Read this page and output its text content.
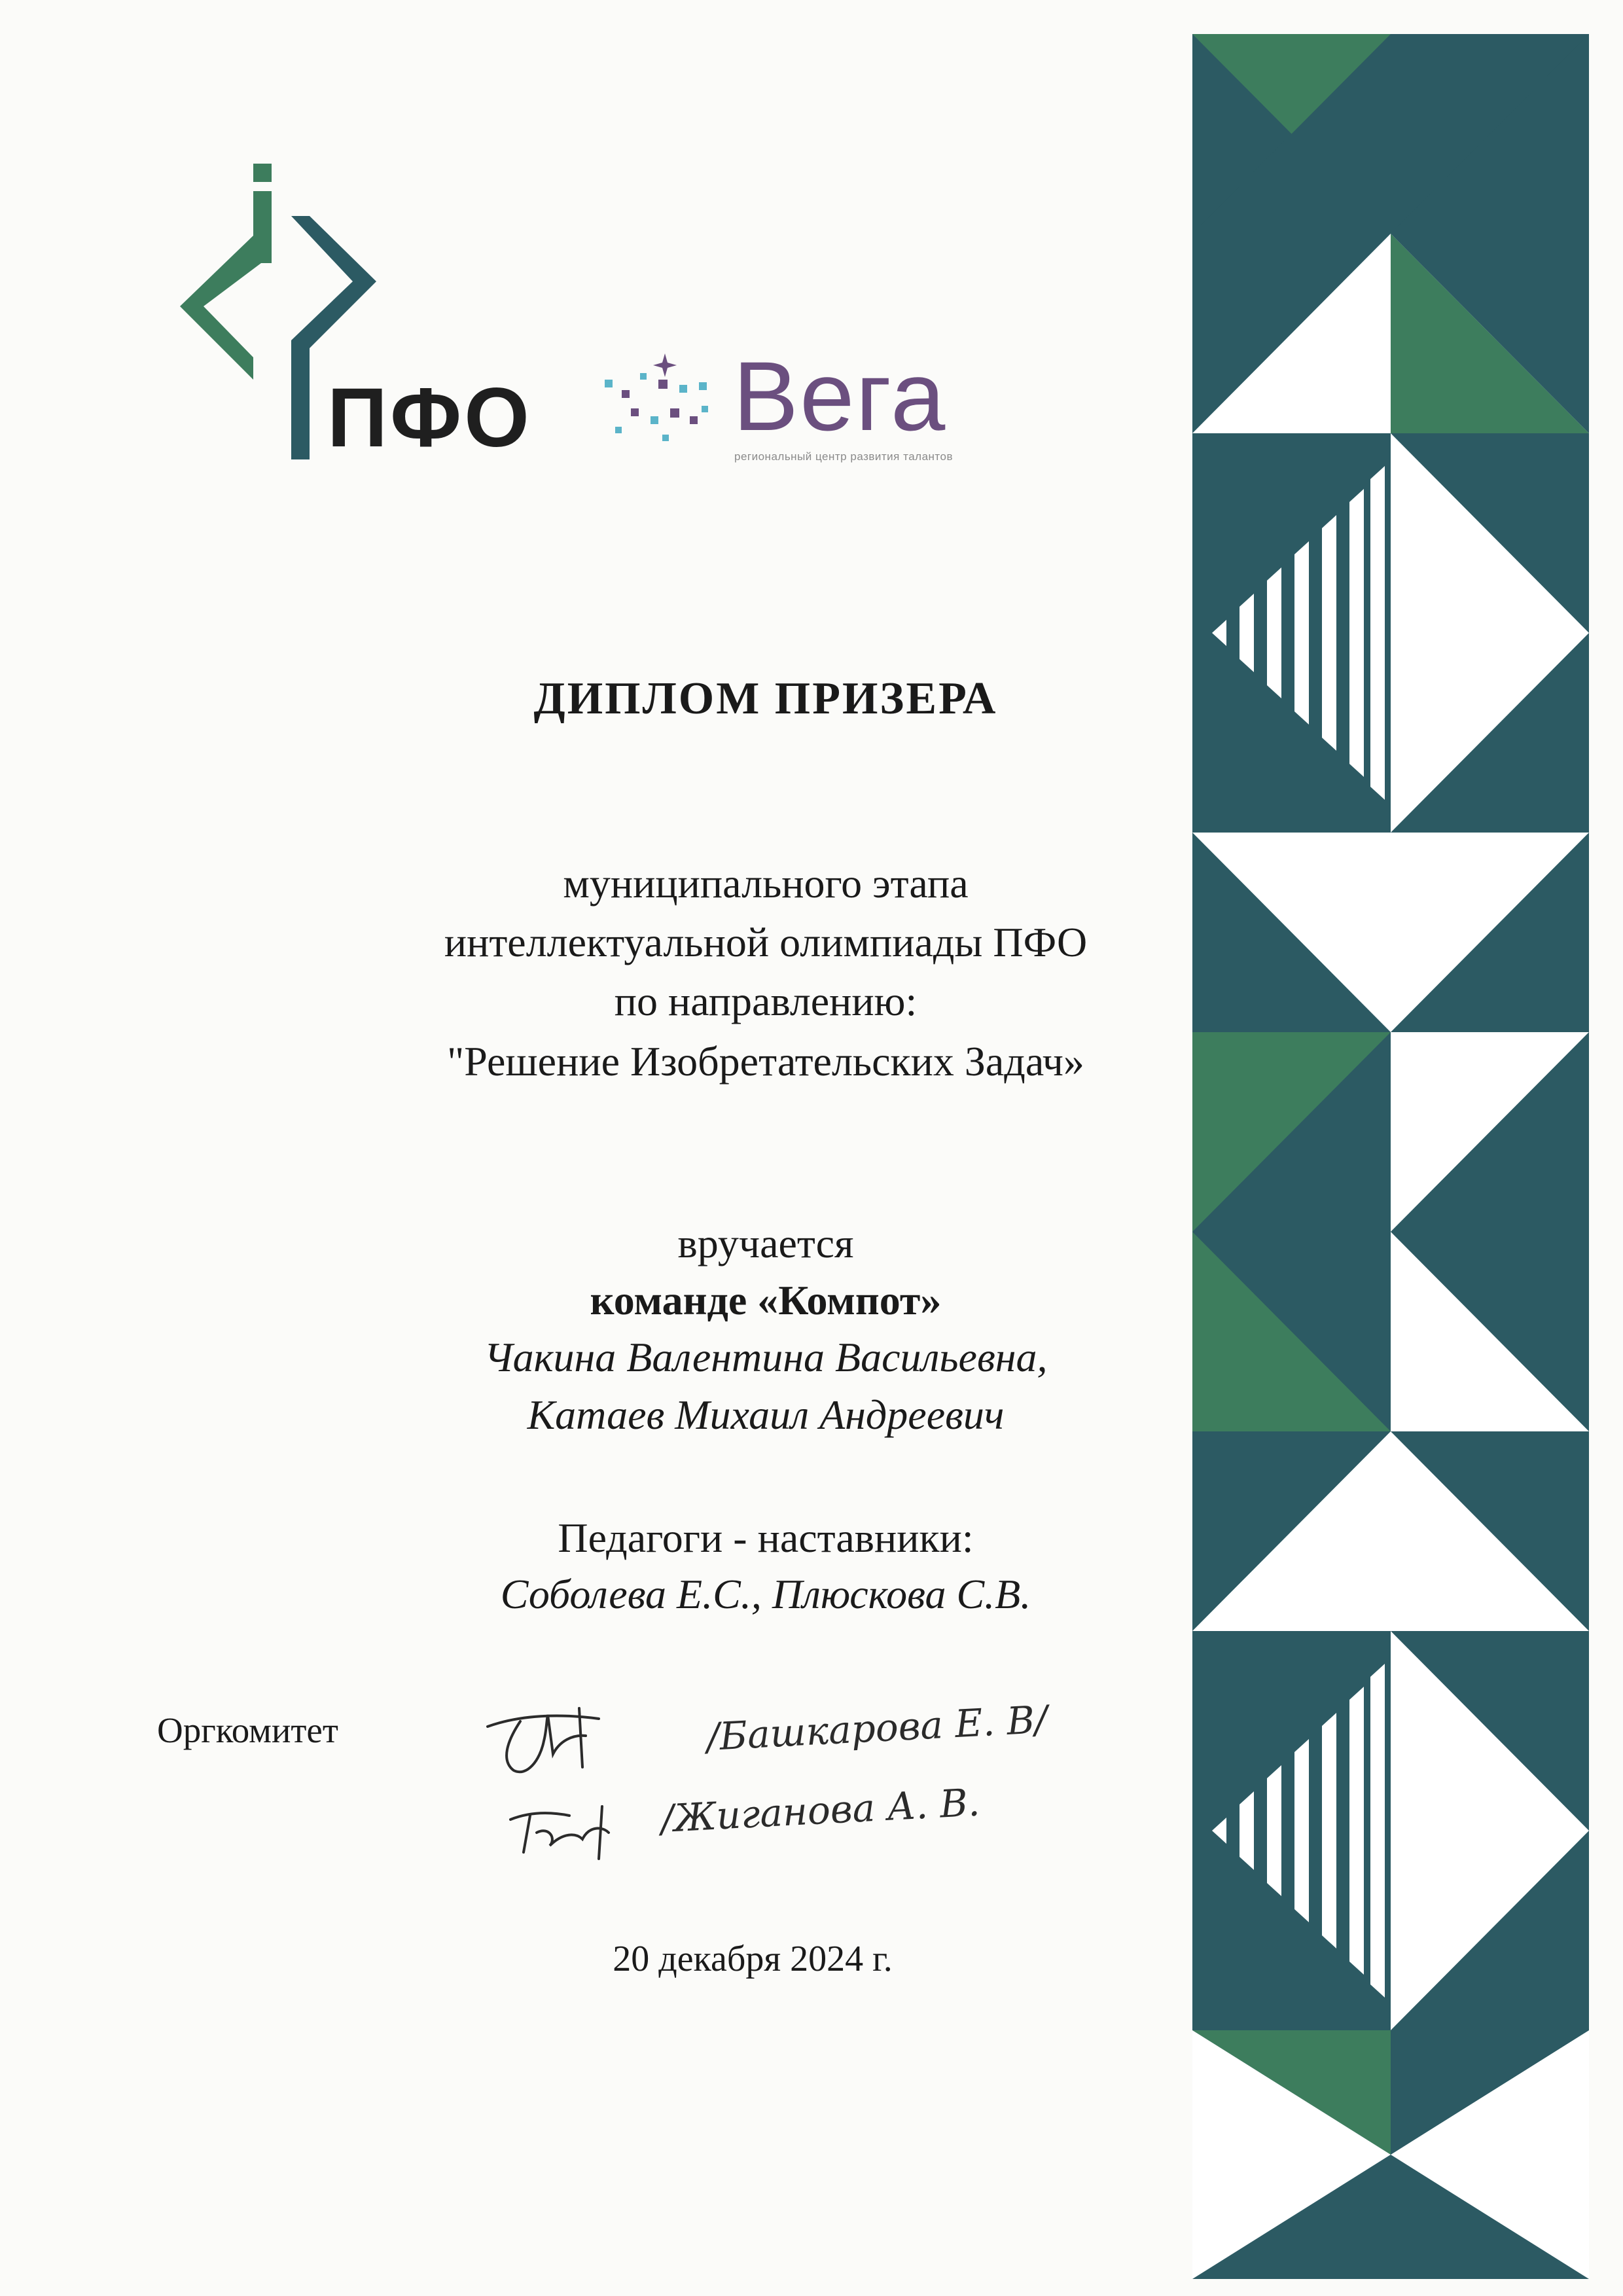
ПФО Вега
региональный центр развития талантов
ДИПЛОМ ПРИЗЕРА
муниципального этапа
интеллектуальной олимпиады ПФО
по направлению:
"Решение Изобретательских Задач»
вручается
команде «Компот»
Чакина Валентина Васильевна,
Катаев Михаил Андреевич
Педагоги - наставники:
Соболева Е.С., Плюскова С.В.
Оргкомитет	/Башкарова Е. В/
/Жиганова А. В.
20 декабря 2024 г.
